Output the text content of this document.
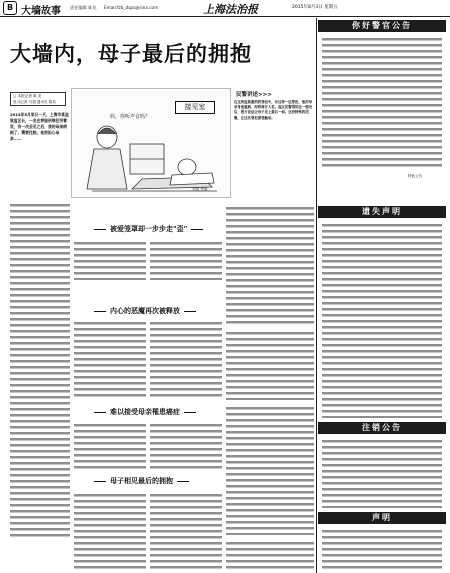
B 大墙故事 责任编辑 陈龙 Email:fzb_dqzs@sina.com	上海法治报	2015年8月3日 星期五
大墙内，母子最后的拥抱
□ 本报记者 陈 龙
见习记者 马超 通讯员 陈珏
2015年5月某日一天，上海市某监狱监区长，一名在押服刑罪犯哭着说，有一次会见之后，我的母亲病倒了，需要住院。他很担心母亲……
接见室
妈，你听声音吗？
刘成 作画
民警讲述>>>
在这所监狱服刑的罪犯中，有这样一位罪犯，他的母亲身患重病，即将离开人世。监区民警得知这一情况后，想方设法让母子见上最后一面。这份特殊的团聚，让这名罪犯深受触动。
被爱笼罩却一步步走"歪"
内心的恶魔再次被释放
难以接受母亲罹患癌症
母子相见最后的拥抱
你好警官公告
特此公告
遗失声明
注销公告
声明
